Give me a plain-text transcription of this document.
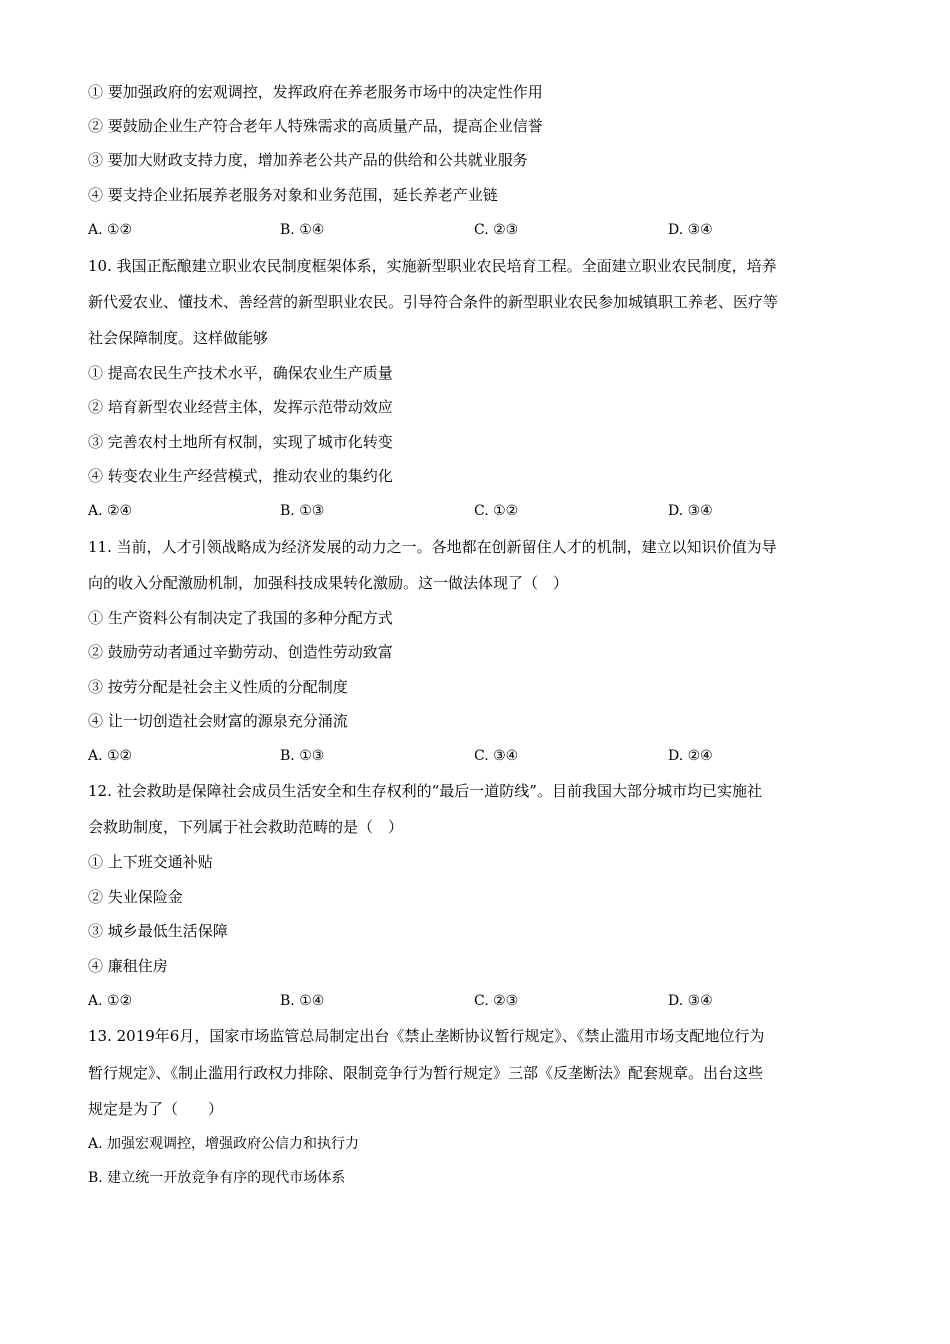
① 要加强政府的宏观调控，发挥政府在养老服务市场中的决定性作用
② 要鼓励企业生产符合老年人特殊需求的高质量产品，提高企业信誉
③ 要加大财政支持力度，增加养老公共产品的供给和公共就业服务
④ 要支持企业拓展养老服务对象和业务范围，延长养老产业链
A. ①②	B. ①④	C. ②③	D. ③④
10. 我国正酝酿建立职业农民制度框架体系，实施新型职业农民培育工程。全面建立职业农民制度，培养
新代爱农业、懂技术、善经营的新型职业农民。引导符合条件的新型职业农民参加城镇职工养老、医疗等
社会保障制度。这样做能够
① 提高农民生产技术水平，确保农业生产质量
② 培育新型农业经营主体，发挥示范带动效应
③ 完善农村土地所有权制，实现了城市化转变
④ 转变农业生产经营模式，推动农业的集约化
A. ②④	B. ①③	C. ①②	D. ③④
11. 当前，人才引领战略成为经济发展的动力之一。各地都在创新留住人才的机制，建立以知识价值为导
向的收入分配激励机制，加强科技成果转化激励。这一做法体现了（　）
① 生产资料公有制决定了我国的多种分配方式
② 鼓励劳动者通过辛勤劳动、创造性劳动致富
③ 按劳分配是社会主义性质的分配制度
④ 让一切创造社会财富的源泉充分涌流
A. ①②	B. ①③	C. ③④	D. ②④
12. 社会救助是保障社会成员生活安全和生存权利的“最后一道防线”。目前我国大部分城市均已实施社
会救助制度，下列属于社会救助范畴的是（　）
① 上下班交通补贴
② 失业保险金
③ 城乡最低生活保障
④ 廉租住房
A. ①②	B. ①④	C. ②③	D. ③④
13. 2019年6月，国家市场监管总局制定出台《禁止垄断协议暂行规定》、《禁止滥用市场支配地位行为
暂行规定》、《制止滥用行政权力排除、限制竞争行为暂行规定》三部《反垄断法》配套规章。出台这些
规定是为了（　　）
A. 加强宏观调控，增强政府公信力和执行力
B. 建立统一开放竞争有序的现代市场体系
